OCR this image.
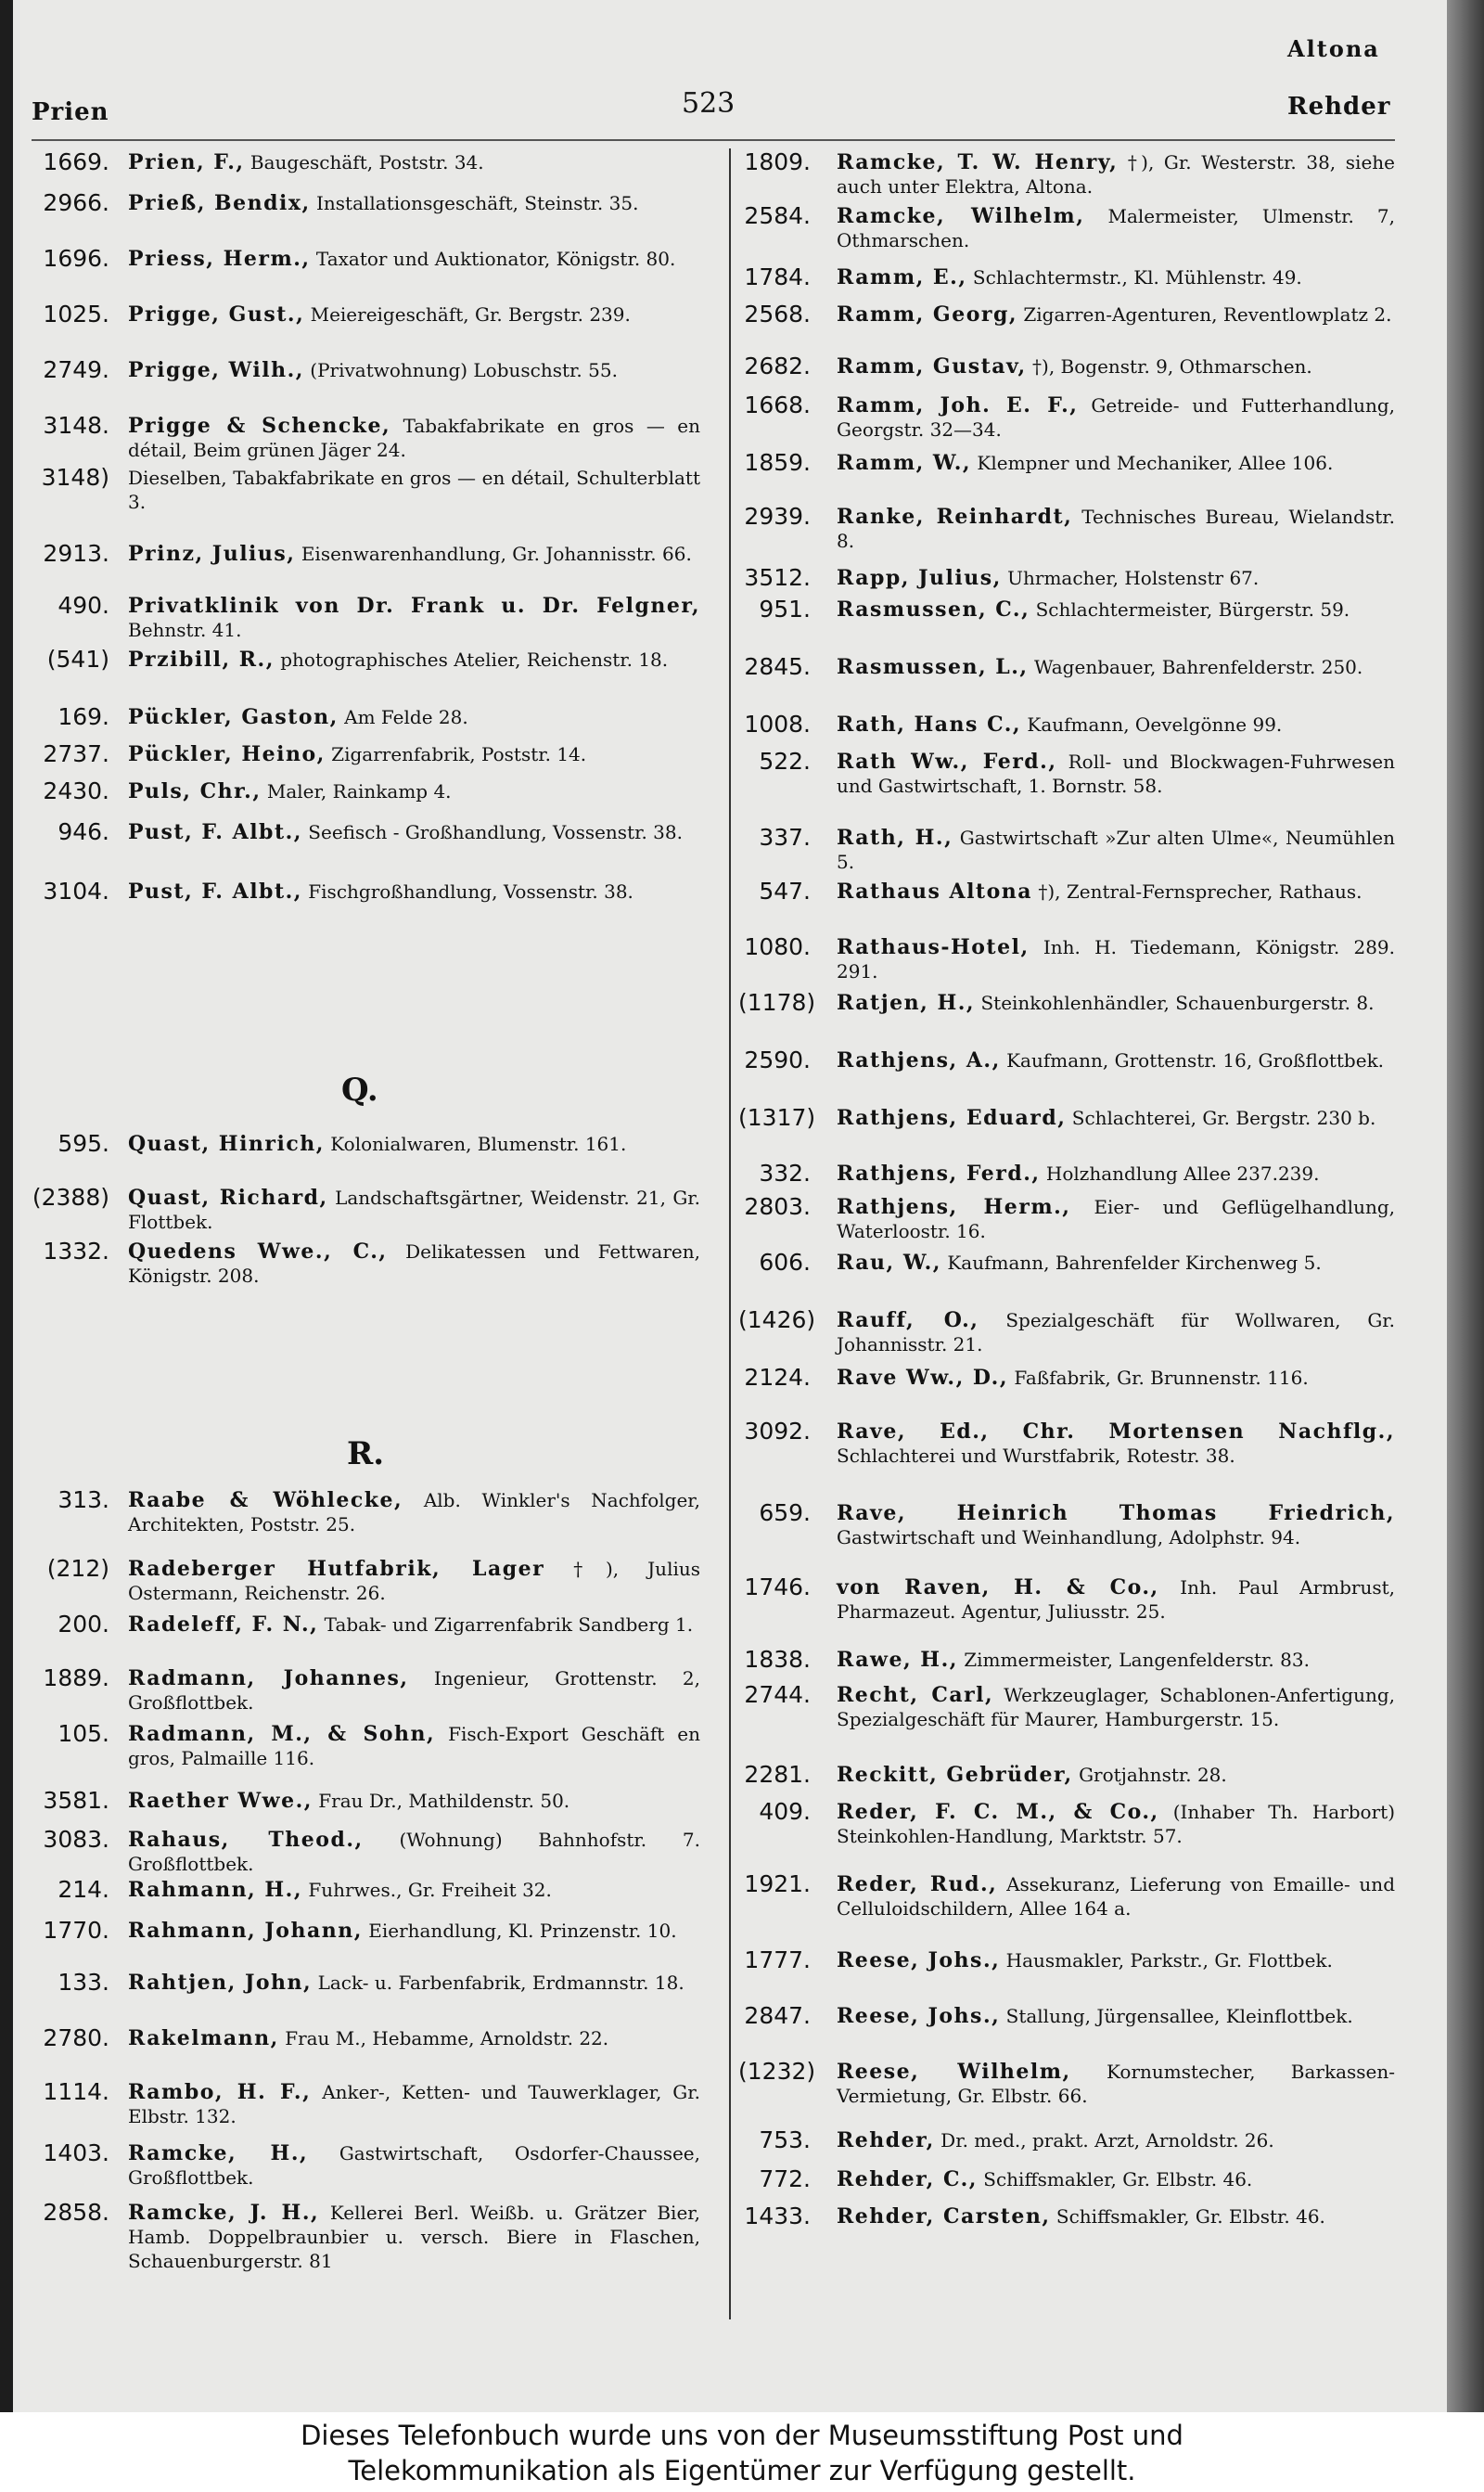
Prien	523
Altona
Rehder
1669. Prien, F., Baugeschäft, Poststr. 34.
2966. Prieß, Bendix, Installationsgeschäft, Steinstr. 35.
1696. Priess, Herm., Taxator und Auktionator, Königstr. 80.
1025. Prigge, Gust., Meiereigeschäft, Gr. Bergstr. 239.
2749. Prigge, Wilh., (Privatwohnung) Lobuschstr. 55.
3148. Prigge & Schencke, Tabakfabrikate en gros — en détail, Beim grünen Jäger 24.
3148) Dieselben, Tabakfabrikate en gros — en détail, Schulterblatt 3.
2913. Prinz, Julius, Eisenwarenhandlung, Gr. Johannisstr. 66.
490. Privatklinik von Dr. Frank u. Dr. Felgner, Behnstr. 41.
(541) Przibill, R., photographisches Atelier, Reichenstr. 18.
169. Pückler, Gaston, Am Felde 28.
2737. Pückler, Heino, Zigarrenfabrik, Poststr. 14.
2430. Puls, Chr., Maler, Rainkamp 4.
946. Pust, F. Albt., Seefisch - Großhandlung, Vossenstr. 38.
3104. Pust, F. Albt., Fischgroßhandlung, Vossenstr. 38.
595. Quast, Hinrich, Kolonialwaren, Blumenstr. 161.
(2388) Quast, Richard, Landschaftsgärtner, Weidenstr. 21, Gr. Flottbek.
1332. Quedens Wwe., C., Delikatessen und Fettwaren, Königstr. 208.
313. Raabe & Wöhlecke, Alb. Winkler's Nachfolger, Architekten, Poststr. 25.
(212) Radeberger Hutfabrik, Lager †), Julius Ostermann, Reichenstr. 26.
200. Radeleff, F. N., Tabak- und Zigarrenfabrik Sandberg 1.
1889. Radmann, Johannes, Ingenieur, Grottenstr. 2, Großflottbek.
105. Radmann, M., & Sohn, Fisch-Export Geschäft en gros, Palmaille 116.
3581. Raether Wwe., Frau Dr., Mathildenstr. 50.
3083. Rahaus, Theod., (Wohnung) Bahnhofstr. 7. Großflottbek.
214. Rahmann, H., Fuhrwes., Gr. Freiheit 32.
1770. Rahmann, Johann, Eierhandlung, Kl. Prinzenstr. 10.
133. Rahtjen, John, Lack- u. Farbenfabrik, Erdmannstr. 18.
2780. Rakelmann, Frau M., Hebamme, Arnoldstr. 22.
1114. Rambo, H. F., Anker-, Ketten- und Tauwerklager, Gr. Elbstr. 132.
1403. Ramcke, H., Gastwirtschaft, Osdorfer-Chaussee, Großflottbek.
2858. Ramcke, J. H., Kellerei Berl. Weißb. u. Grätzer Bier, Hamb. Doppelbraunbier u. versch. Biere in Flaschen, Schauenburgerstr. 81
1809. Ramcke, T. W. Henry, †), Gr. Westerstr. 38, siehe auch unter Elektra, Altona.
2584. Ramcke, Wilhelm, Malermeister, Ulmenstr. 7, Othmarschen.
1784. Ramm, E., Schlachtermstr., Kl. Mühlenstr. 49.
2568. Ramm, Georg, Zigarren-Agenturen, Reventlowplatz 2.
2682. Ramm, Gustav, †), Bogenstr. 9, Othmarschen.
1668. Ramm, Joh. E. F., Getreide- und Futterhandlung, Georgstr. 32—34.
1859. Ramm, W., Klempner und Mechaniker, Allee 106.
2939. Ranke, Reinhardt, Technisches Bureau, Wielandstr. 8.
3512. Rapp, Julius, Uhrmacher, Holstenstr 67.
951. Rasmussen, C., Schlachtermeister, Bürgerstr. 59.
2845. Rasmussen, L., Wagenbauer, Bahrenfelderstr. 250.
1008. Rath, Hans C., Kaufmann, Oevelgönne 99.
522. Rath Ww., Ferd., Roll- und Blockwagen-Fuhrwesen und Gastwirtschaft, 1. Bornstr. 58.
337. Rath, H., Gastwirtschaft »Zur alten Ulme«, Neumühlen 5.
547. Rathaus Altona †), Zentral-Fernsprecher, Rathaus.
1080. Rathaus-Hotel, Inh. H. Tiedemann, Königstr. 289. 291.
(1178) Ratjen, H., Steinkohlenhändler, Schauenburgerstr. 8.
2590. Rathjens, A., Kaufmann, Grottenstr. 16, Großflottbek.
(1317) Rathjens, Eduard, Schlachterei, Gr. Bergstr. 230 b.
332. Rathjens, Ferd., Holzhandlung Allee 237.239.
2803. Rathjens, Herm., Eier- und Geflügelhandlung, Waterloostr. 16.
606. Rau, W., Kaufmann, Bahrenfelder Kirchenweg 5.
(1426) Rauff, O., Spezialgeschäft für Wollwaren, Gr. Johannisstr. 21.
2124. Rave Ww., D., Faßfabrik, Gr. Brunnenstr. 116.
3092. Rave, Ed., Chr. Mortensen Nachflg., Schlachterei und Wurstfabrik, Rotestr. 38.
659. Rave, Heinrich Thomas Friedrich, Gastwirtschaft und Weinhandlung, Adolphstr. 94.
1746. von Raven, H. & Co., Inh. Paul Armbrust, Pharmazeut. Agentur, Juliusstr. 25.
1838. Rawe, H., Zimmermeister, Langenfelderstr. 83.
2744. Recht, Carl, Werkzeuglager, Schablonen-Anfertigung, Spezialgeschäft für Maurer, Hamburgerstr. 15.
2281. Reckitt, Gebrüder, Grotjahnstr. 28.
409. Reder, F. C. M., & Co., (Inhaber Th. Harbort) Steinkohlen-Handlung, Marktstr. 57.
1921. Reder, Rud., Assekuranz, Lieferung von Emaille- und Celluloidschildern, Allee 164 a.
1777. Reese, Johs., Hausmakler, Parkstr., Gr. Flottbek.
2847. Reese, Johs., Stallung, Jürgensallee, Kleinflottbek.
(1232) Reese, Wilhelm, Kornumstecher, Barkassen-Vermietung, Gr. Elbstr. 66.
753. Rehder, Dr. med., prakt. Arzt, Arnoldstr. 26.
772. Rehder, C., Schiffsmakler, Gr. Elbstr. 46.
1433. Rehder, Carsten, Schiffsmakler, Gr. Elbstr. 46.
Q.
R.
Dieses Telefonbuch wurde uns von der Museumsstiftung Post und
Telekommunikation als Eigentümer zur Verfügung gestellt.
